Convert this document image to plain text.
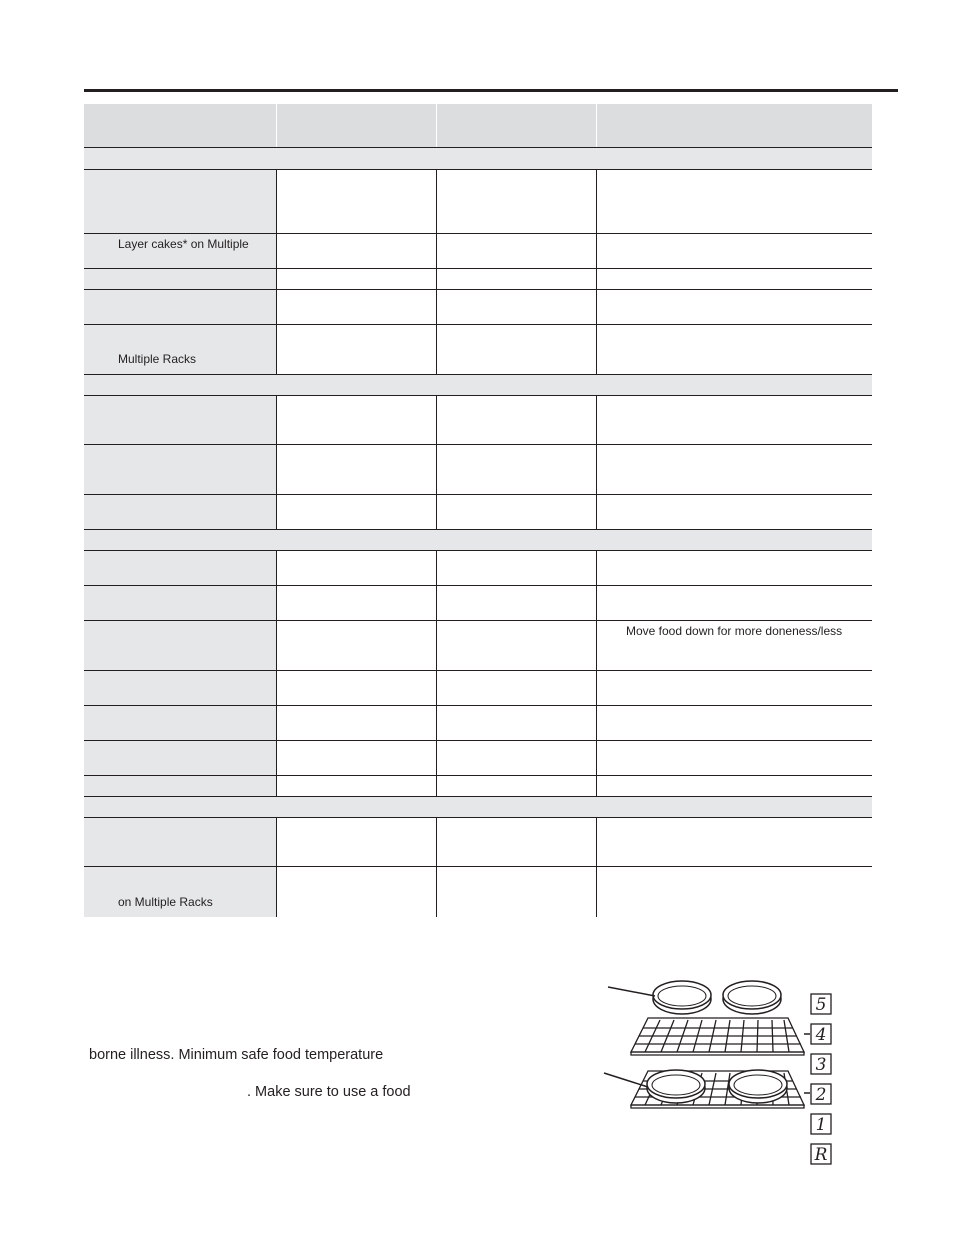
Layer cakes* on Multiple
Multiple Racks
Move food down for more doneness/less
on Multiple Racks
borne illness. Minimum safe food temperature
. Make sure to use a food
5
4
3
2
1
R
